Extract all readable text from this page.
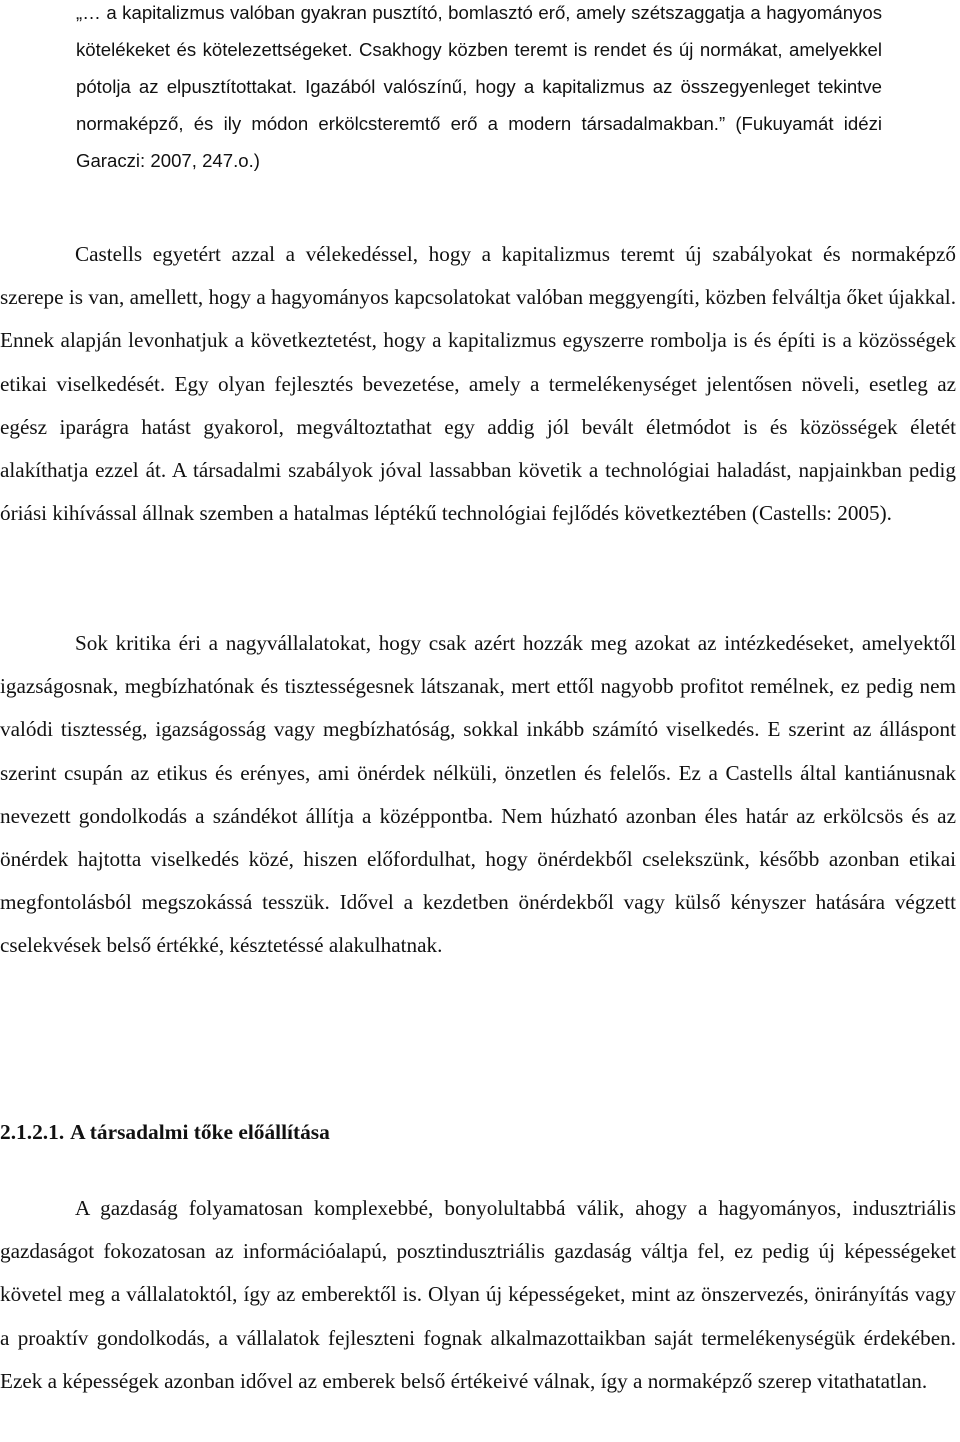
„… a kapitalizmus valóban gyakran pusztító, bomlasztó erő, amely szétszaggatja a hagyományos kötelékeket és kötelezettségeket. Csakhogy közben teremt is rendet és új normákat, amelyekkel pótolja az elpusztítottakat. Igazából valószínű, hogy a kapitalizmus az összegyenleget tekintve normaképző, és ily módon erkölcsteremtő erő a modern társadalmakban.” (Fukuyamát idézi Garaczi: 2007, 247.o.)

Castells egyetért azzal a vélekedéssel, hogy a kapitalizmus teremt új szabályokat és normaképző szerepe is van, amellett, hogy a hagyományos kapcsolatokat valóban meggyengíti, közben felváltja őket újakkal. Ennek alapján levonhatjuk a következtetést, hogy a kapitalizmus egyszerre rombolja is és építi is a közösségek etikai viselkedését. Egy olyan fejlesztés bevezetése, amely a termelékenységet jelentősen növeli, esetleg az egész iparágra hatást gyakorol, megváltoztathat egy addig jól bevált életmódot is és közösségek életét alakíthatja ezzel át. A társadalmi szabályok jóval lassabban követik a technológiai haladást, napjainkban pedig óriási kihívással állnak szemben a hatalmas léptékű technológiai fejlődés következtében (Castells: 2005).

Sok kritika éri a nagyvállalatokat, hogy csak azért hozzák meg azokat az intézkedéseket, amelyektől igazságosnak, megbízhatónak és tisztességesnek látszanak, mert ettől nagyobb profitot remélnek, ez pedig nem valódi tisztesség, igazságosság vagy megbízhatóság, sokkal inkább számító viselkedés. E szerint az álláspont szerint csupán az etikus és erényes, ami önérdek nélküli, önzetlen és felelős. Ez a Castells által kantiánusnak nevezett gondolkodás a szándékot állítja a középpontba. Nem húzható azonban éles határ az erkölcsös és az önérdek hajtotta viselkedés közé, hiszen előfordulhat, hogy önérdekből cselekszünk, később azonban etikai megfontolásból megszokássá tesszük. Idővel a kezdetben önérdekből vagy külső kényszer hatására végzett cselekvések belső értékké, késztetéssé alakulhatnak.

2.1.2.1. A társadalmi tőke előállítása

A gazdaság folyamatosan komplexebbé, bonyolultabbá válik, ahogy a hagyományos, indusztriális gazdaságot fokozatosan az információalapú, posztindusztriális gazdaság váltja fel, ez pedig új képességeket követel meg a vállalatoktól, így az emberektől is. Olyan új képességeket, mint az önszervezés, önirányítás vagy a proaktív gondolkodás, a vállalatok fejleszteni fognak alkalmazottaikban saját termelékenységük érdekében. Ezek a képességek azonban idővel az emberek belső értékeivé válnak, így a normaképző szerep vitathatatlan.
